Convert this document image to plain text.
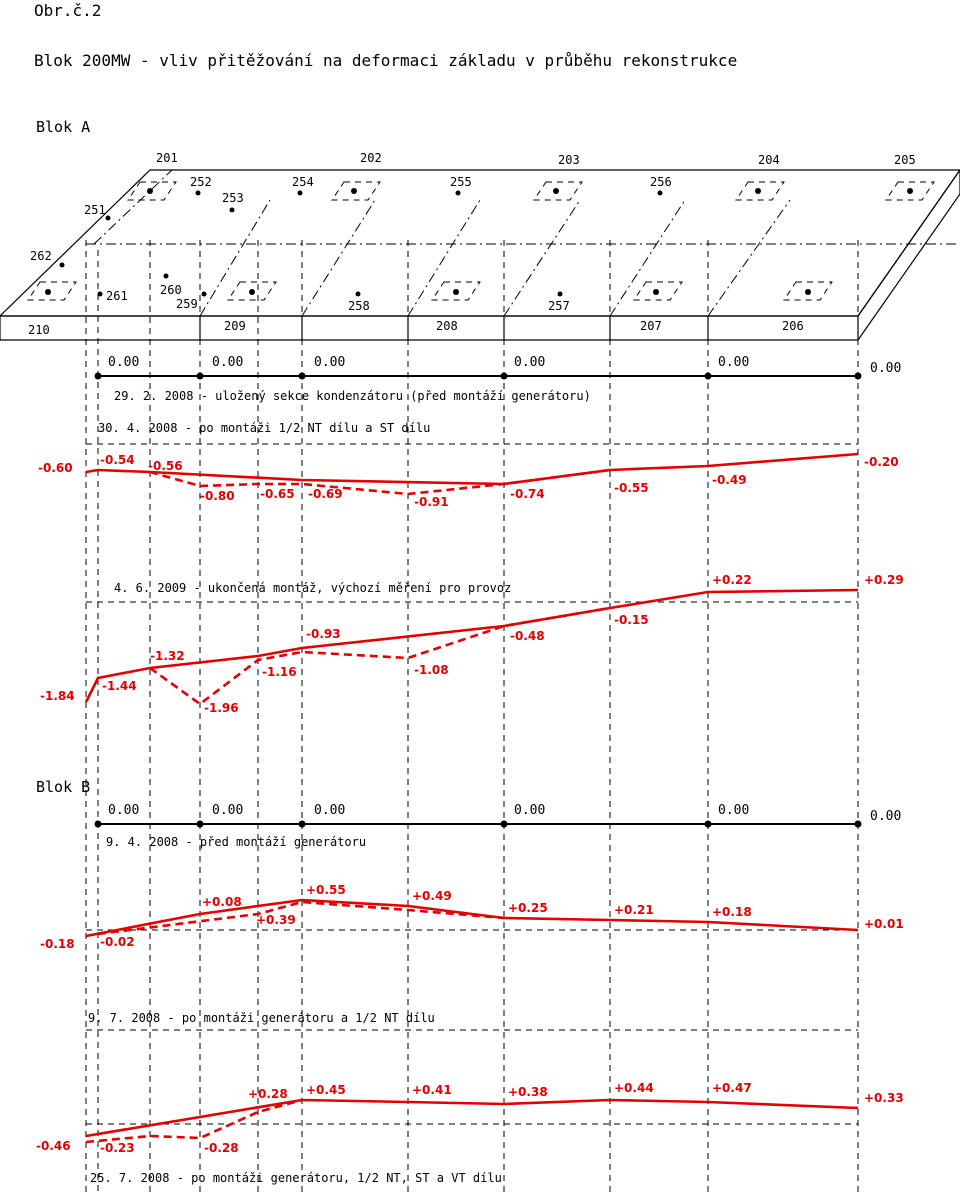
Obr.č.2
Blok 200MW - vliv přitěžování na deformaci základu v průběhu rekonstrukce
Blok A
201	202	203	204	205
210	209	208	207	206
251
252
253
254	255	256
262
261	260
259	258	257
0.00	0.00	0.00	0.00	0.00	0.00
29. 2. 2008 - uložený sekce kondenzátoru (před montáží generátoru)
30. 4. 2008 - po montáži 1/2 NT dílu a ST dílu
-0.60
-0.54 -0.56
-0.80 -0.65 -0.69
-0.91
-0.74	-0.55
-0.49
-0.20
4. 6. 2009 - ukončená montáž, výchozí měření pro provoz
-1.84
-1.44
-1.32
-1.96
-1.16
-0.93
-1.08
-0.48
-0.15
+0.22	+0.29
Blok B
0.00	0.00	0.00	0.00	0.00	0.00
9. 4. 2008 - před montáží generátoru
-0.18 -0.02
+0.08
+0.39
+0.55	+0.49
+0.25	+0.21	+0.18
+0.01
9. 7. 2008 - po montáži generátoru a 1/2 NT dílu
-0.46 -0.23	-0.28
+0.28 +0.45	+0.41	+0.38	+0.44	+0.47
+0.33
25. 7. 2008 - po montáži generátoru, 1/2 NT, ST a VT dílu
